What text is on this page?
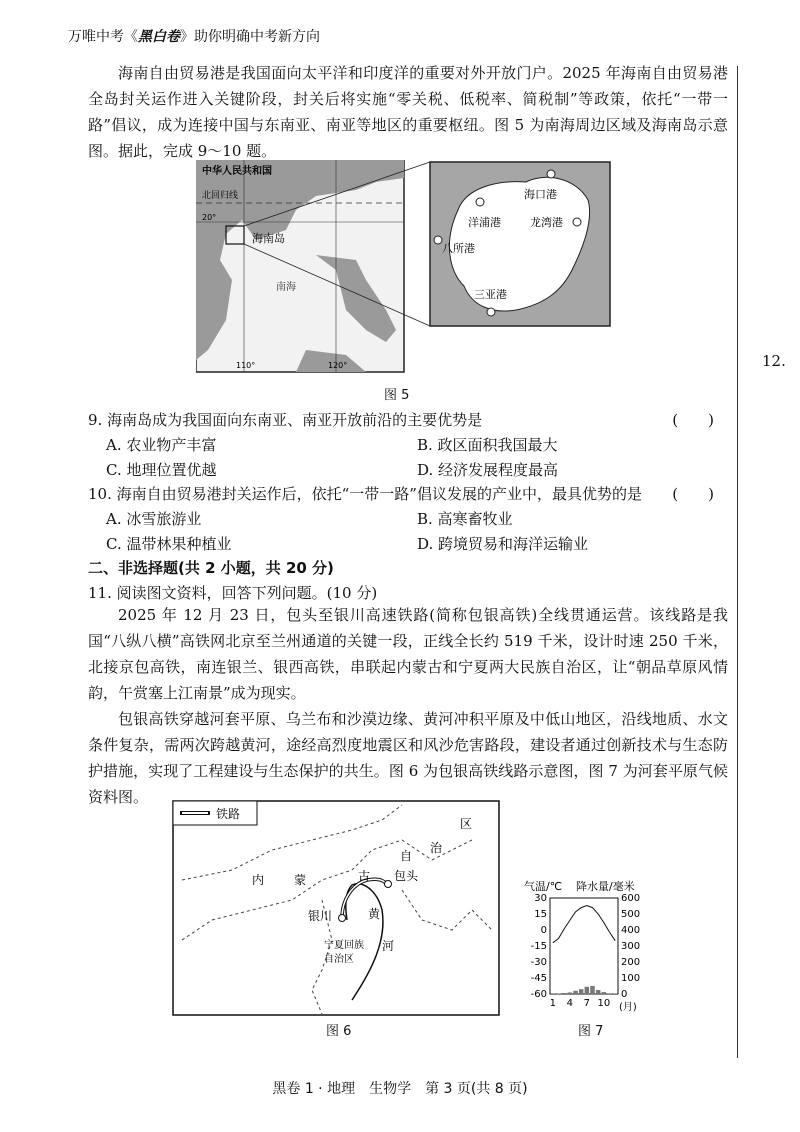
万唯中考《黑白卷》助你明确中考新方向
12.

海南自由贸易港是我国面向太平洋和印度洋的重要对外开放门户。2025 年海南自由贸易港全岛封关运作进入关键阶段，封关后将实施“零关税、低税率、简税制”等政策，依托“一带一路”倡议，成为连接中国与东南亚、南亚等地区的重要枢纽。图 5 为南海周边区域及海南岛示意图。据此，完成 9～10 题。

中华人民共和国
北回归线
20°
海南岛
南海
110°	120°
海口港
洋浦港	龙湾港
八所港
三亚港
图 5
9. 海南岛成为我国面向东南亚、南亚开放前沿的主要优势是	(　　)
A. 农业物产丰富	B. 政区面积我国最大
C. 地理位置优越	D. 经济发展程度最高
10. 海南自由贸易港封关运作后，依托“一带一路”倡议发展的产业中，最具优势的是 (　　)
A. 冰雪旅游业	B. 高寒畜牧业
C. 温带林果种植业	D. 跨境贸易和海洋运输业
二、非选择题(共 2 小题，共 20 分)
11. 阅读图文资料，回答下列问题。(10 分)

2025 年 12 月 23 日，包头至银川高速铁路(简称包银高铁)全线贯通运营。该线路是我国“八纵八横”高铁网北京至兰州通道的关键一段，正线全长约 519 千米，设计时速 250 千米，北接京包高铁，南连银兰、银西高铁，串联起内蒙古和宁夏两大民族自治区，让“朝品草原风情韵，午赏塞上江南景”成为现实。

包银高铁穿越河套平原、乌兰布和沙漠边缘、黄河冲积平原及中低山地区，沿线地质、水文条件复杂，需两次跨越黄河，途经高烈度地震区和风沙危害路段，建设者通过创新技术与生态防护措施，实现了工程建设与生态保护的共生。图 6 为包银高铁线路示意图，图 7 为河套平原气候资料图。

铁路
内 蒙	古
自
治
区
包头
银川	黄
河
宁夏回族
自治区
图 6
气温/℃ 降水量/毫米
30
15
0
-15
-30
-45
-60
600
500
400
300
200
100
0
1 4 7 10 (月)
图 7
黑卷 1 · 地理　生物学　第 3 页(共 8 页)
